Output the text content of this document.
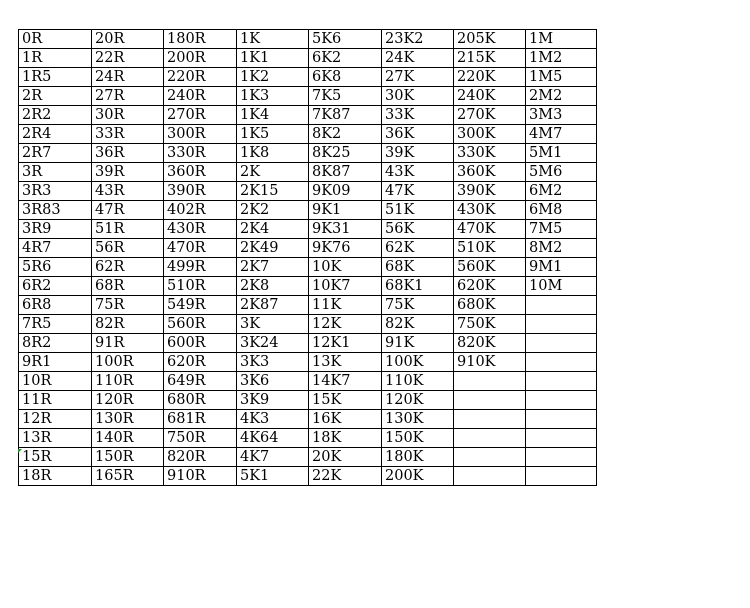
0R	20R	180R	1K	5K6	23K2	205K	1M
1R	22R	200R	1K1	6K2	24K	215K	1M2
1R5	24R	220R	1K2	6K8	27K	220K	1M5
2R	27R	240R	1K3	7K5	30K	240K	2M2
2R2	30R	270R	1K4	7K87	33K	270K	3M3
2R4	33R	300R	1K5	8K2	36K	300K	4M7
2R7	36R	330R	1K8	8K25	39K	330K	5M1
3R	39R	360R	2K	8K87	43K	360K	5M6
3R3	43R	390R	2K15	9K09	47K	390K	6M2
3R83	47R	402R	2K2	9K1	51K	430K	6M8
3R9	51R	430R	2K4	9K31	56K	470K	7M5
4R7	56R	470R	2K49	9K76	62K	510K	8M2
5R6	62R	499R	2K7	10K	68K	560K	9M1
6R2	68R	510R	2K8	10K7	68K1	620K	10M
6R8	75R	549R	2K87	11K	75K	680K	
7R5	82R	560R	3K	12K	82K	750K	
8R2	91R	600R	3K24	12K1	91K	820K	
9R1	100R	620R	3K3	13K	100K	910K	
10R	110R	649R	3K6	14K7	110K		
11R	120R	680R	3K9	15K	120K		
12R	130R	681R	4K3	16K	130K		
13R	140R	750R	4K64	18K	150K		
15R	150R	820R	4K7	20K	180K		
18R	165R	910R	5K1	22K	200K		
